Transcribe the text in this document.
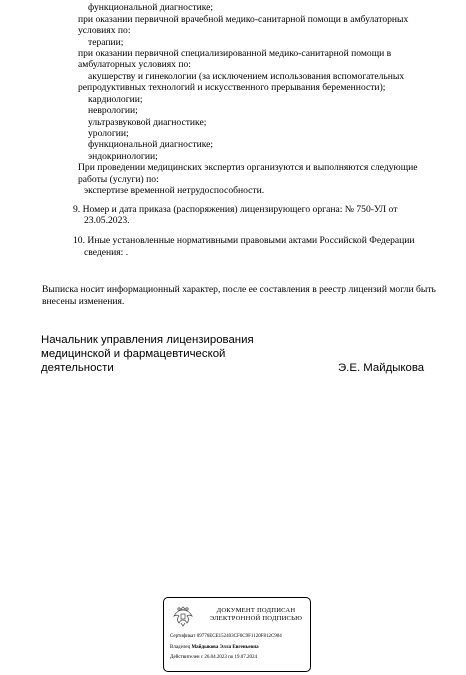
функциональной диагностике;
при оказании первичной врачебной медико-санитарной помощи в амбулаторных
условиях по:
терапии;
при оказании первичной специализированной медико-санитарной помощи в
амбулаторных условиях по:
акушерству и гинекологии (за исключением использования вспомогательных
репродуктивных технологий и искусственного прерывания беременности);
кардиологии;
неврологии;
ультразвуковой диагностике;
урологии;
функциональной диагностике;
эндокринологии;
При проведении медицинских экспертиз организуются и выполняются следующие
работы (услуги) по:
экспертизе временной нетрудоспособности.
9. Номер и дата приказа (распоряжения) лицензирующего органа: № 750-УЛ от
23.05.2023.
10. Иные установленные нормативными правовыми актами Российской Федерации
сведения: .
Выписка носит информационный характер, после ее составления в реестр лицензий могли быть
внесены изменения.
Начальник управления лицензирования
медицинской и фармацевтической
деятельности	Э.Е. Майдыкова
ДОКУМЕНТ ПОДПИСАН
ЭЛЕКТРОННОЙ ПОДПИСЬЮ
Сертификат 09776ECE152403CF6C9F1120F812C904
Владелец Майдыкова Элла Евгеньевна
Действителен с 26.04.2023 по 19.07.2024
